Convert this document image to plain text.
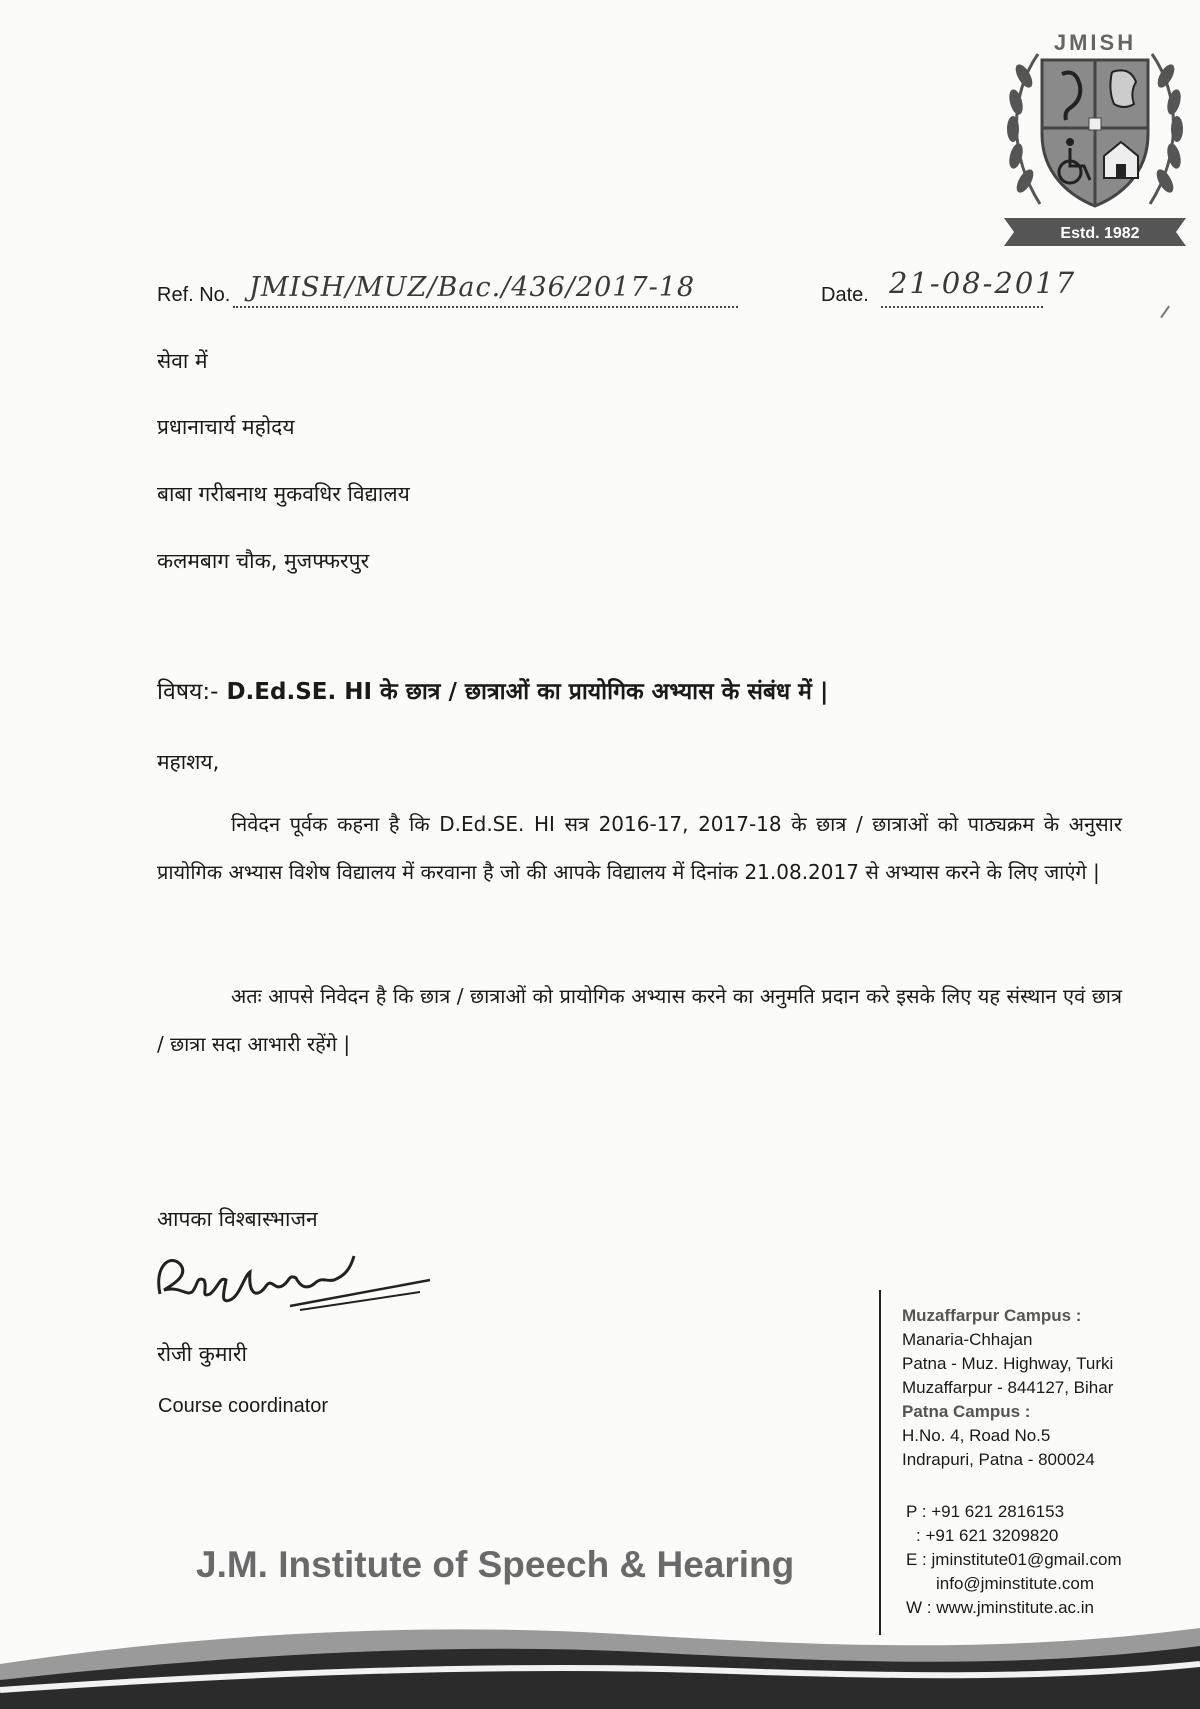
JMISH
Estd. 1982
Ref. No. JMISH/MUZ/Bac./436/2017-18	Date. 21-08-2017
सेवा में
प्रधानाचार्य महोदय
बाबा गरीबनाथ मुकवधिर विद्यालय
कलमबाग चौक, मुजफ्फरपुर
विषय:- D.Ed.SE. HI के छात्र / छात्राओं का प्रायोगिक अभ्यास के संबंध में |
महाशय,

निवेदन पूर्वक कहना है कि D.Ed.SE. HI सत्र 2016-17, 2017-18 के छात्र / छात्राओं को पाठ्यक्रम के अनुसार प्रायोगिक अभ्यास विशेष विद्यालय में करवाना है जो की आपके विद्यालय में दिनांक 21.08.2017 से अभ्यास करने के लिए जाएंगे |

अतः आपसे निवेदन है कि छात्र / छात्राओं को प्रायोगिक अभ्यास करने का अनुमति प्रदान करे इसके लिए यह संस्थान एवं छात्र / छात्रा सदा आभारी रहेंगे |

आपका विश्बास्भाजन
रोजी कुमारी
Course coordinator
Muzaffarpur Campus :
Manaria-Chhajan
Patna - Muz. Highway, Turki
Muzaffarpur - 844127, Bihar
Patna Campus :
H.No. 4, Road No.5
Indrapuri, Patna - 800024
P : +91 621 2816153
: +91 621 3209820
E : jminstitute01@gmail.com
info@jminstitute.com
W : www.jminstitute.ac.in
J.M. Institute of Speech & Hearing
